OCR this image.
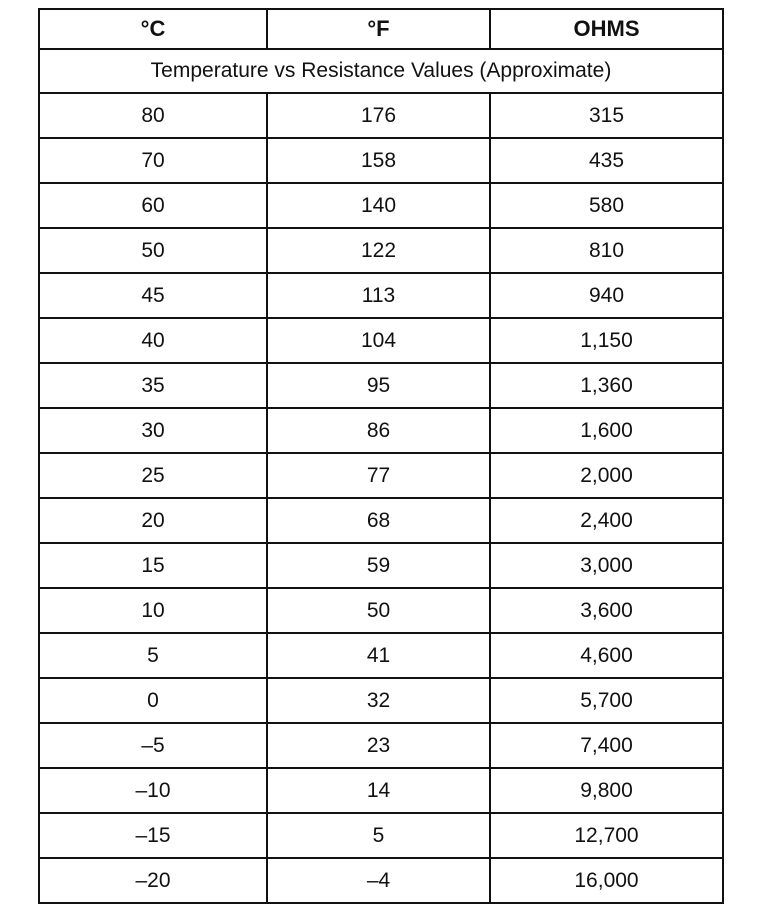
°C	°F	OHMS
Temperature vs Resistance Values (Approximate)		
80	176	315
70	158	435
60	140	580
50	122	810
45	113	940
40	104	1,150
35	95	1,360
30	86	1,600
25	77	2,000
20	68	2,400
15	59	3,000
10	50	3,600
5	41	4,600
0	32	5,700
–5	23	7,400
–10	14	9,800
–15	5	12,700
–20	–4	16,000
